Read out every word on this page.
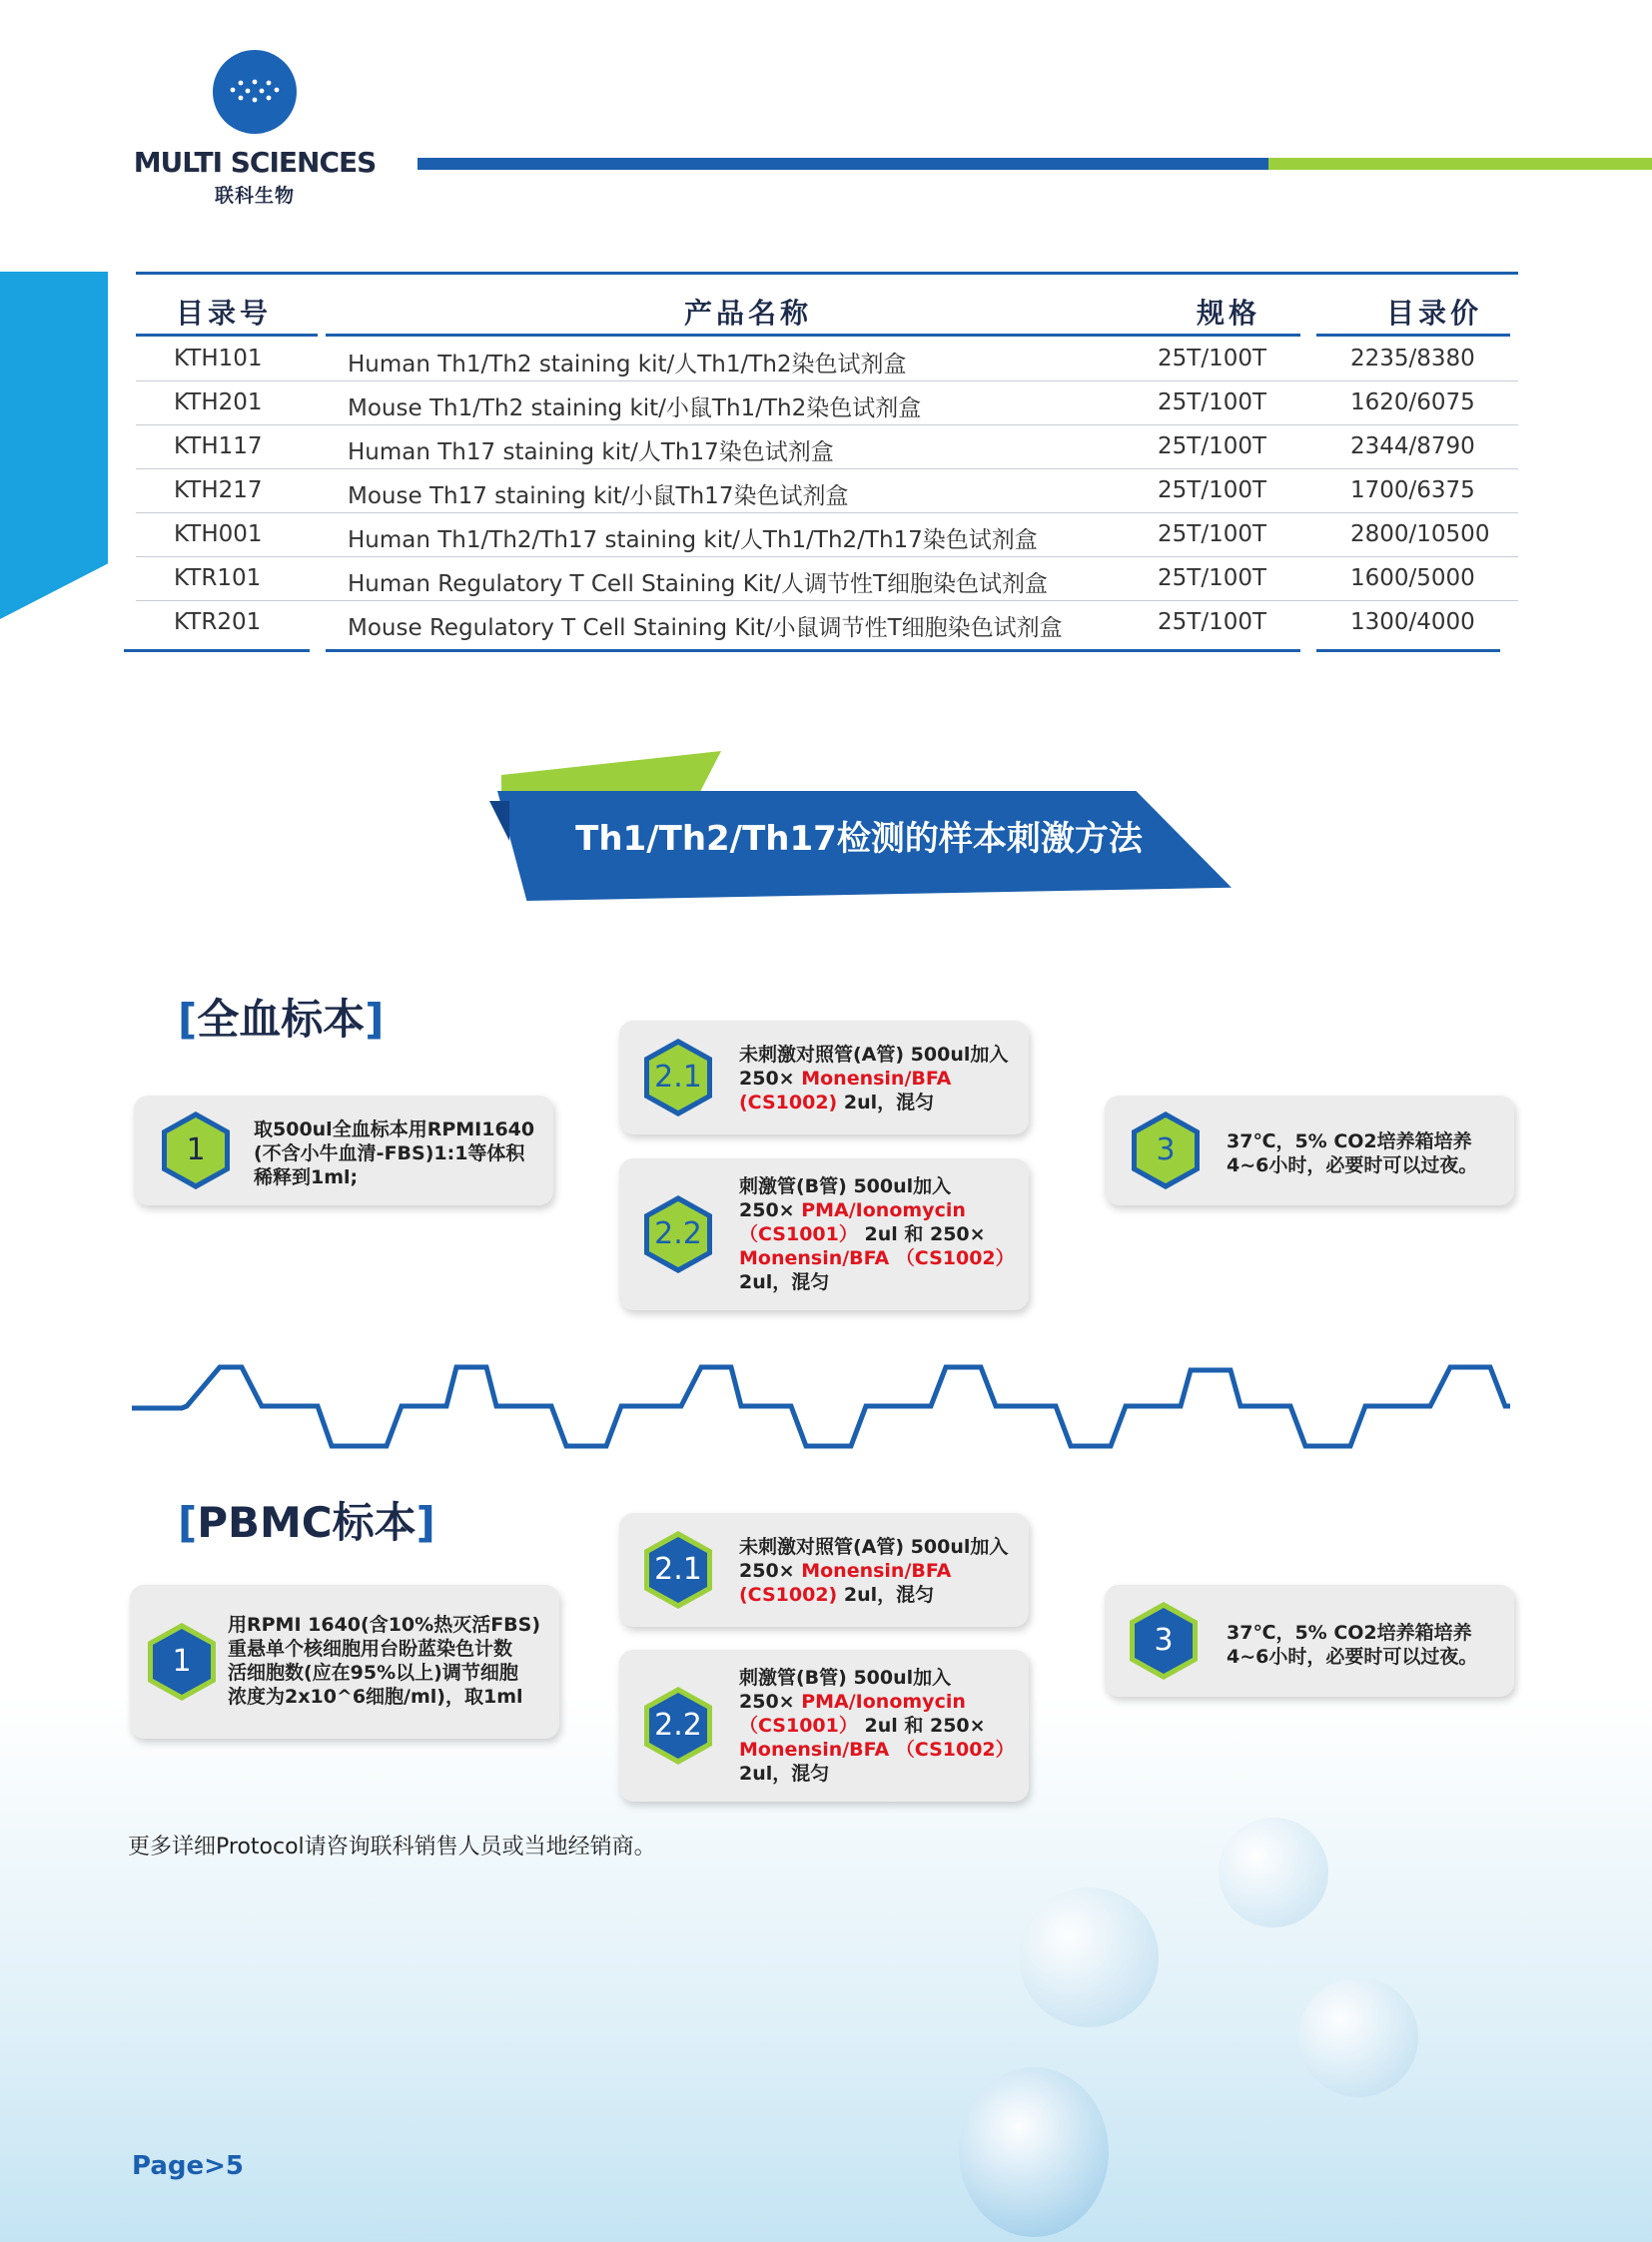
MULTI SCIENCES
联科生物
目录号	产品名称	规格	目录价
KTH101	Human Th1/Th2 staining kit/人Th1/Th2染色试剂盒	25T/100T	2235/8380
KTH201	Mouse Th1/Th2 staining kit/小鼠Th1/Th2染色试剂盒	25T/100T	1620/6075
KTH117	Human Th17 staining kit/人Th17染色试剂盒	25T/100T	2344/8790
KTH217	Mouse Th17 staining kit/小鼠Th17染色试剂盒	25T/100T	1700/6375
KTH001	Human Th1/Th2/Th17 staining kit/人Th1/Th2/Th17染色试剂盒	25T/100T	2800/10500
KTR101	Human Regulatory T Cell Staining Kit/人调节性T细胞染色试剂盒	25T/100T	1600/5000
KTR201	Mouse Regulatory T Cell Staining Kit/小鼠调节性T细胞染色试剂盒	25T/100T	1300/4000
Th1/Th2/Th17检测的样本刺激方法
[全血标本]
1
取500ul全血标本用RPMI1640
(不含小牛血清-FBS)1:1等体积
稀释到1ml;
2.1
未刺激对照管(A管) 500ul加入
250× Monensin/BFA
(CS1002) 2ul，混匀
2.2
刺激管(B管) 500ul加入
250× PMA/Ionomycin
（CS1001） 2ul 和 250×
Monensin/BFA （CS1002）
2ul，混匀
3	37℃，5% CO2培养箱培养
4~6小时，必要时可以过夜。
[PBMC标本]
1
用RPMI 1640(含10%热灭活FBS)
重悬单个核细胞用台盼蓝染色计数
活细胞数(应在95%以上)调节细胞
浓度为2x10^6细胞/ml)，取1ml
2.1
未刺激对照管(A管) 500ul加入
250× Monensin/BFA
(CS1002) 2ul，混匀
2.2
刺激管(B管) 500ul加入
250× PMA/Ionomycin
（CS1001） 2ul 和 250×
Monensin/BFA （CS1002）
2ul，混匀
3	37℃，5% CO2培养箱培养
4~6小时，必要时可以过夜。
更多详细Protocol请咨询联科销售人员或当地经销商。
Page>5
